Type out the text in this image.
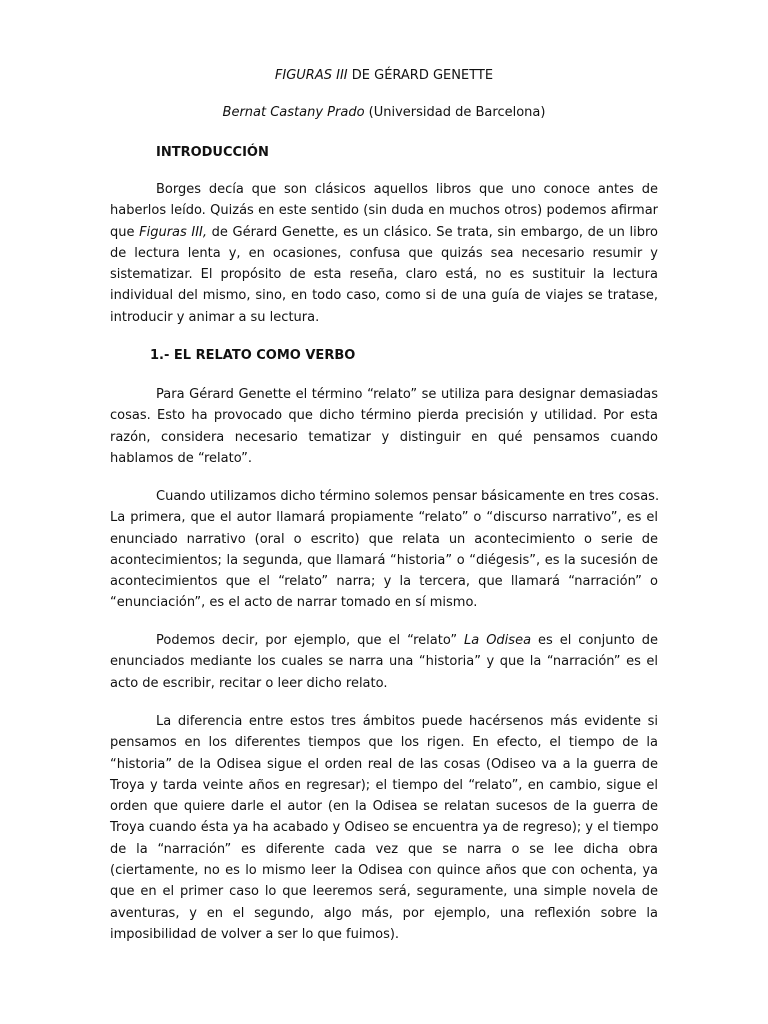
FIGURAS III DE GÉRARD GENETTE
Bernat Castany Prado (Universidad de Barcelona)
INTRODUCCIÓN
Borges decía que son clásicos aquellos libros que uno conoce antes de
haberlos leído. Quizás en este sentido (sin duda en muchos otros) podemos afirmar
que Figuras III, de Gérard Genette, es un clásico. Se trata, sin embargo, de un libro
de lectura lenta y, en ocasiones, confusa que quizás sea necesario resumir y
sistematizar. El propósito de esta reseña, claro está, no es sustituir la lectura
individual del mismo, sino, en todo caso, como si de una guía de viajes se tratase,
introducir y animar a su lectura.
1.- EL RELATO COMO VERBO
Para Gérard Genette el término “relato” se utiliza para designar demasiadas
cosas. Esto ha provocado que dicho término pierda precisión y utilidad. Por esta
razón, considera necesario tematizar y distinguir en qué pensamos cuando
hablamos de “relato”.
Cuando utilizamos dicho término solemos pensar básicamente en tres cosas.
La primera, que el autor llamará propiamente “relato” o “discurso narrativo”, es el
enunciado narrativo (oral o escrito) que relata un acontecimiento o serie de
acontecimientos; la segunda, que llamará “historia” o “diégesis”, es la sucesión de
acontecimientos que el “relato” narra; y la tercera, que llamará “narración” o
“enunciación”, es el acto de narrar tomado en sí mismo.
Podemos decir, por ejemplo, que el “relato” La Odisea es el conjunto de
enunciados mediante los cuales se narra una “historia” y que la “narración” es el
acto de escribir, recitar o leer dicho relato.
La diferencia entre estos tres ámbitos puede hacérsenos más evidente si
pensamos en los diferentes tiempos que los rigen. En efecto, el tiempo de la
“historia” de la Odisea sigue el orden real de las cosas (Odiseo va a la guerra de
Troya y tarda veinte años en regresar); el tiempo del “relato”, en cambio, sigue el
orden que quiere darle el autor (en la Odisea se relatan sucesos de la guerra de
Troya cuando ésta ya ha acabado y Odiseo se encuentra ya de regreso); y el tiempo
de la “narración” es diferente cada vez que se narra o se lee dicha obra
(ciertamente, no es lo mismo leer la Odisea con quince años que con ochenta, ya
que en el primer caso lo que leeremos será, seguramente, una simple novela de
aventuras, y en el segundo, algo más, por ejemplo, una reflexión sobre la
imposibilidad de volver a ser lo que fuimos).
